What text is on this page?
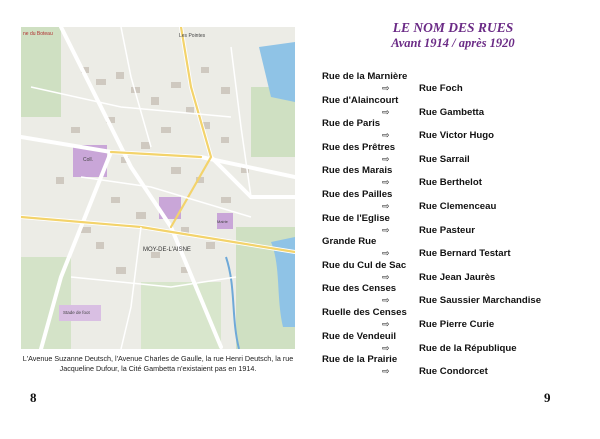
ne du Boteau	Les Pointes
MOY-DE-L'AISNE
Coll.
Mairie
Stade de foot
L'Avenue Suzanne Deutsch, l'Avenue Charles de Gaulle, la rue Henri Deutsch, la rue Jacqueline Dufour, la Cité Gambetta n'existaient pas en 1914.
LE NOM DES RUES
Avant 1914 / après 1920
Rue de la Marnière
⇨	Rue Foch
Rue d'Alaincourt
⇨	Rue Gambetta
Rue de Paris
⇨	Rue Victor Hugo
Rue des Prêtres
⇨	Rue Sarrail
Rue des Marais
⇨	Rue Berthelot
Rue des Pailles
⇨	Rue Clemenceau
Rue de l'Eglise
⇨	Rue Pasteur
Grande Rue
⇨	Rue Bernard Testart
Rue du Cul de Sac
⇨	Rue Jean Jaurès
Rue des Censes
⇨	Rue Saussier Marchandise
Ruelle des Censes
⇨	Rue Pierre Curie
Rue de Vendeuil
⇨	Rue de la République
Rue de la Prairie
⇨	Rue Condorcet
8	9
